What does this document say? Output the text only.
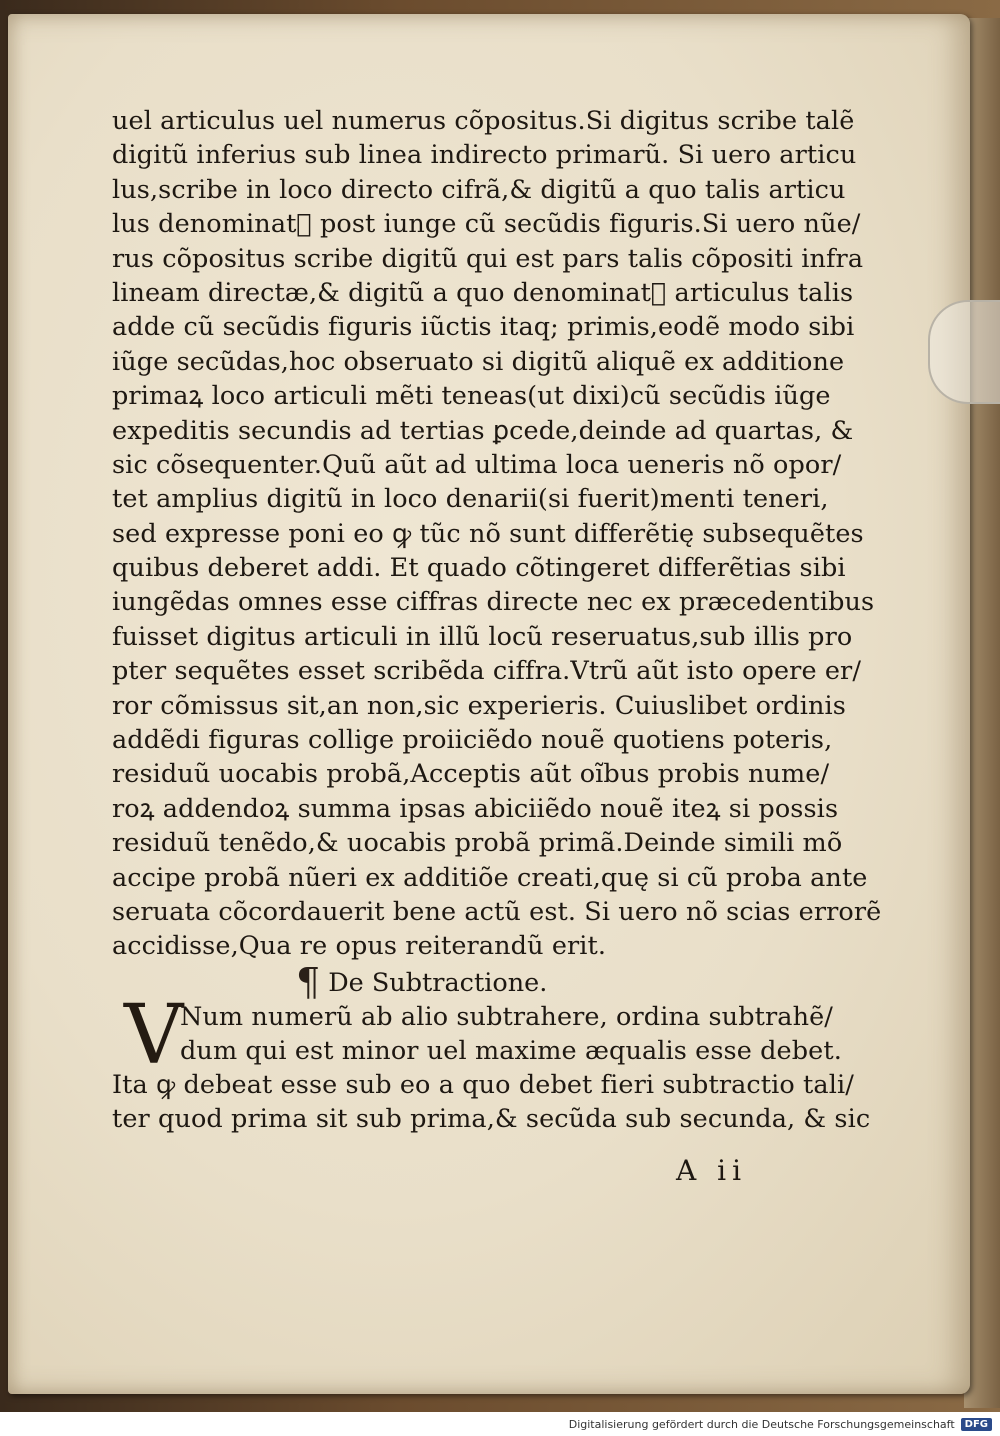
uel articulus uel numerus cõpositus.Si digitus scribe talẽ
digitũ inferius sub linea indirecto primarũ. Si uero articu
lus,scribe in loco directo cifrã,& digitũ a quo talis articu
lus denominatᷓ post iunge cũ secũdis figuris.Si uero nũe/
rus cõpositus scribe digitũ qui est pars talis cõpositi infra
lineam directæ,& digitũ a quo denominatᷓ articulus talis
adde cũ secũdis figuris iũctis itaq; primis,eodẽ modo sibi
iũge secũdas,hoc obseruato si digitũ aliquẽ ex additione
primaꝝ loco articuli mẽti teneas(ut dixi)cũ secũdis iũge
expeditis secundis ad tertias ꝑcede,deinde ad quartas, &
sic cõsequenter.Quũ aũt ad ultima loca ueneris nõ opor/
tet amplius digitũ in loco denarii(si fuerit)menti teneri,
sed expresse poni eo ꝙ tũc nõ sunt differẽtię subsequẽtes
quibus deberet addi. Et quado cõtingeret differẽtias sibi
iungẽdas omnes esse ciffras directe nec ex præcedentibus
fuisset digitus articuli in illũ locũ reseruatus,sub illis pro
pter sequẽtes esset scribẽda ciffra.Vtrũ aũt isto opere er/
ror cõmissus sit,an non,sic experieris. Cuiuslibet ordinis
addẽdi figuras collige proiiciẽdo nouẽ quotiens poteris,
residuũ uocabis probã,Acceptis aũt oĩbus probis nume/
roꝝ addendoꝝ summa ipsas abiciiẽdo nouẽ iteꝝ si possis
residuũ tenẽdo,& uocabis probã primã.Deinde simili mõ
accipe probã nũeri ex additiõe creati,quę si cũ proba ante
seruata cõcordauerit bene actũ est. Si uero nõ scias errorẽ
accidisse,Qua re opus reiterandũ erit.
¶ De Subtractione.
V
Num numerũ ab alio subtrahere, ordina subtrahẽ/
dum qui est minor uel maxime æqualis esse debet.
Ita ꝙ debeat esse sub eo a quo debet fieri subtractio tali/
ter quod prima sit sub prima,& secũda sub secunda, & sic
A ii
Digitalisierung gefördert durch die Deutsche Forschungsgemeinschaft	DFG
